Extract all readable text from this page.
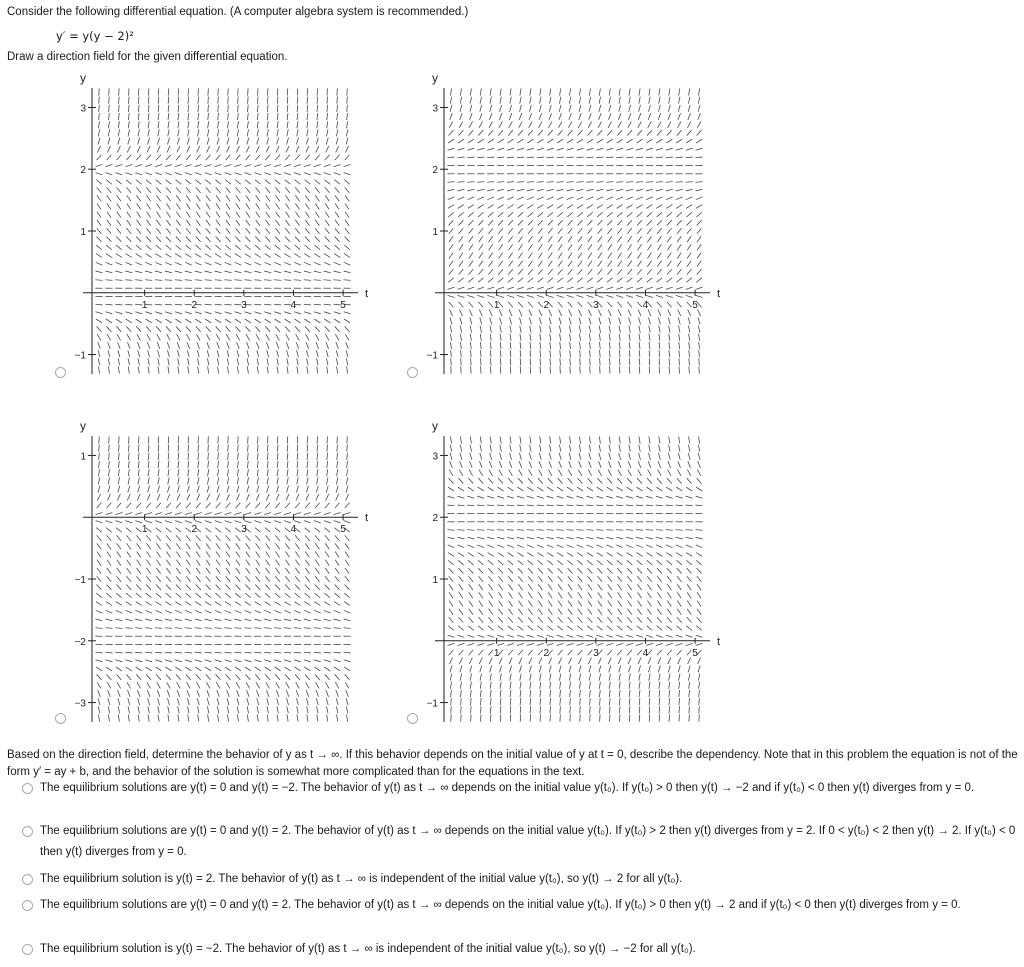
Consider the following differential equation. (A computer algebra system is recommended.)
y′ = y(y − 2)²
Draw a direction field for the given differential equation.
y
t
1	2	3	4	5
3
2
1
−1
y
t
1	2	3	4	5
3
2
1
−1
y
t
1	2	3	4	5
1
−1
−2
−3
y
t
1	2	3	4	5
3
2
1
−1
Based on the direction field, determine the behavior of y as t → ∞. If this behavior depends on the initial value of y at t = 0, describe the dependency. Note that in this problem the equation is not of the form y′ = ay + b, and the behavior of the solution is somewhat more complicated than for the equations in the text.
The equilibrium solutions are y(t) = 0 and y(t) = −2. The behavior of y(t) as t → ∞ depends on the initial value y(t₀). If y(t₀) > 0 then y(t) → −2 and if y(t₀) < 0 then y(t) diverges from y = 0.
The equilibrium solutions are y(t) = 0 and y(t) = 2. The behavior of y(t) as t → ∞ depends on the initial value y(t₀). If y(t₀) > 2 then y(t) diverges from y = 2. If 0 < y(t₀) < 2 then y(t) → 2. If y(t₀) < 0 then y(t) diverges from y = 0.
The equilibrium solution is y(t) = 2. The behavior of y(t) as t → ∞ is independent of the initial value y(t₀), so y(t) → 2 for all y(t₀).
The equilibrium solutions are y(t) = 0 and y(t) = 2. The behavior of y(t) as t → ∞ depends on the initial value y(t₀). If y(t₀) > 0 then y(t) → 2 and if y(t₀) < 0 then y(t) diverges from y = 0.
The equilibrium solution is y(t) = −2. The behavior of y(t) as t → ∞ is independent of the initial value y(t₀), so y(t) → −2 for all y(t₀).
